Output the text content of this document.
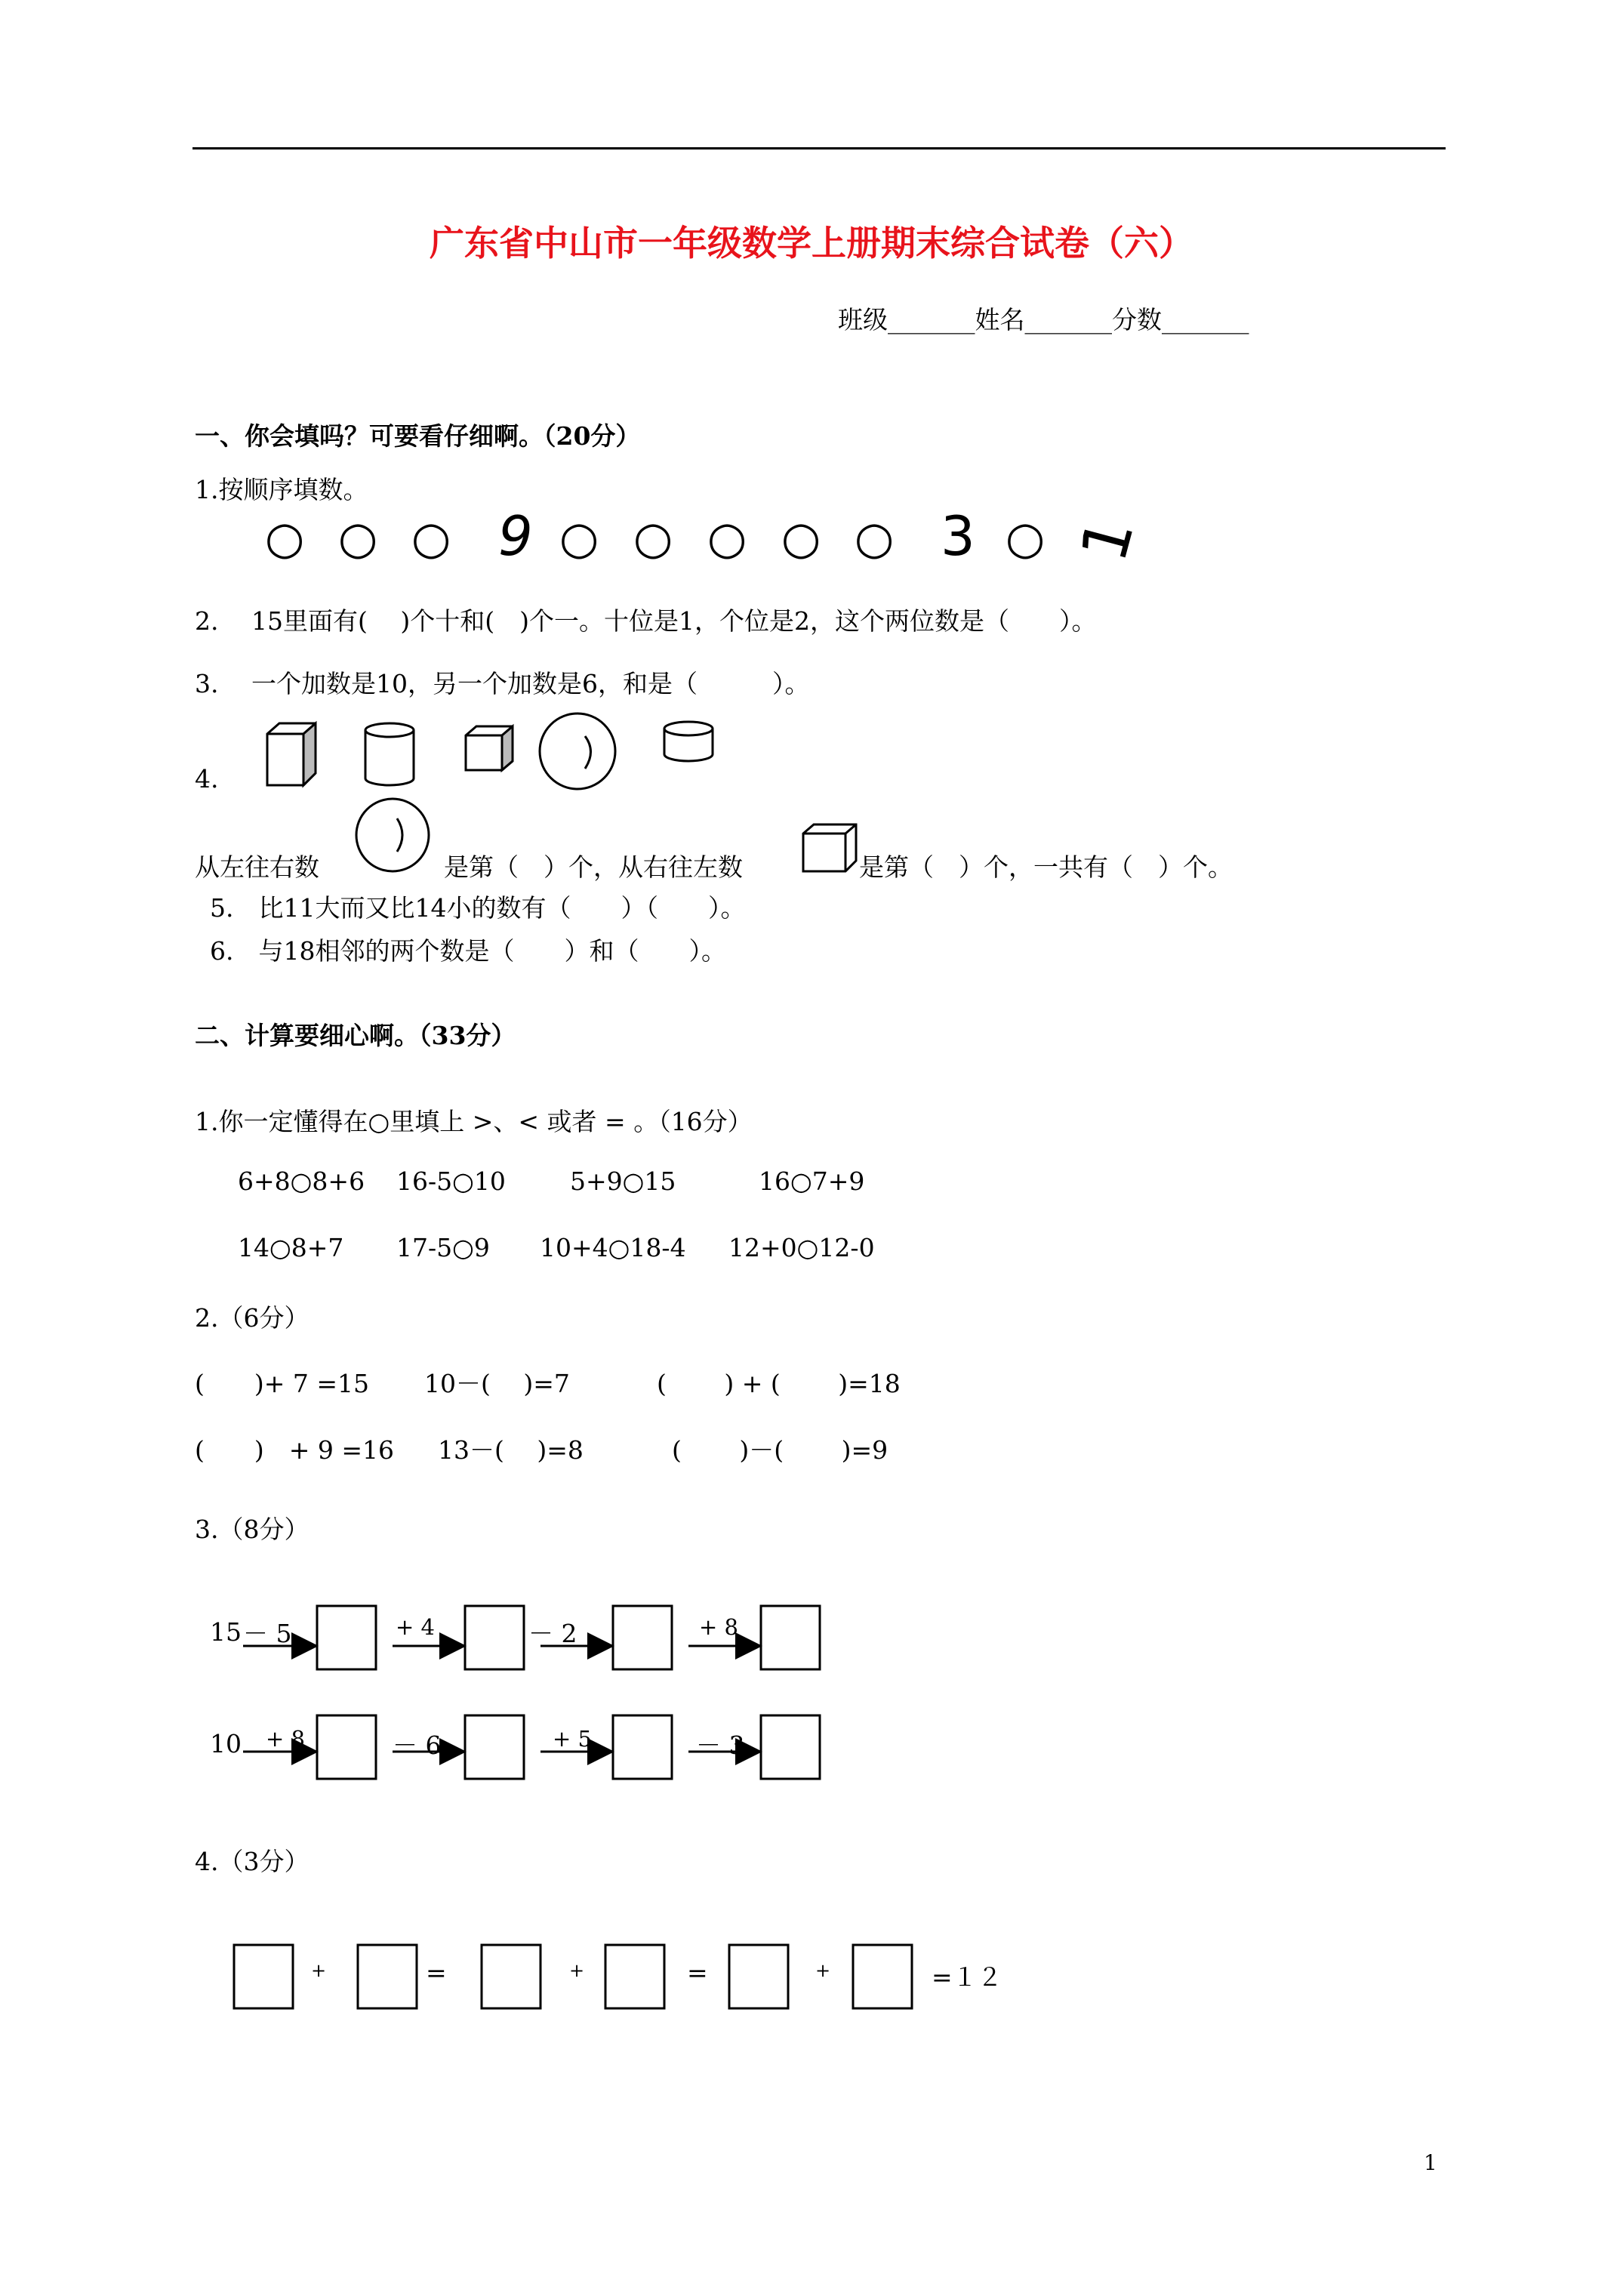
广东省中山市一年级数学上册期末综合试卷（六）
班级_______姓名_______分数_______
一、你会填吗？可要看仔细啊。（20分）
1.按顺序填数。
○ ○ ○ 9 ○ ○ ○ ○ ○ 3 ○ 1
2.　 15里面有(　 )个十和(　)个一。十位是1，个位是2，这个两位数是（　　）。
3.　 一个加数是10，另一个加数是6，和是（　　　）。
4.
从左往右数	是第（　）个，从右往左数	是第（　）个，一共有（　）个。
5.　比11大而又比14小的数有（　　）（　　）。
6.　与18相邻的两个数是（　　）和（　　）。
二、计算要细心啊。（33分）
1.你一定懂得在○里填上 >、< 或者 = 。（16分）
6+8○8+6 16-5○10	5+9○15	16○7+9
14○8+7 17-5○9 10+4○18-4 12+0○12-0
2.（6分）
(　　)+ 7 =15 10－(　 )=7	(　　 ) + (　　 )=18
(　　)　+ 9 =16 13－(　 )=8	(　　 )－(　　 )=9
3.（8分）
15 － 5	+ 4	－ 2	+ 8
10 + 8	－ 6	+ 5	－ 3
4.（3分）
+	=	+	=	+	=１２
1
